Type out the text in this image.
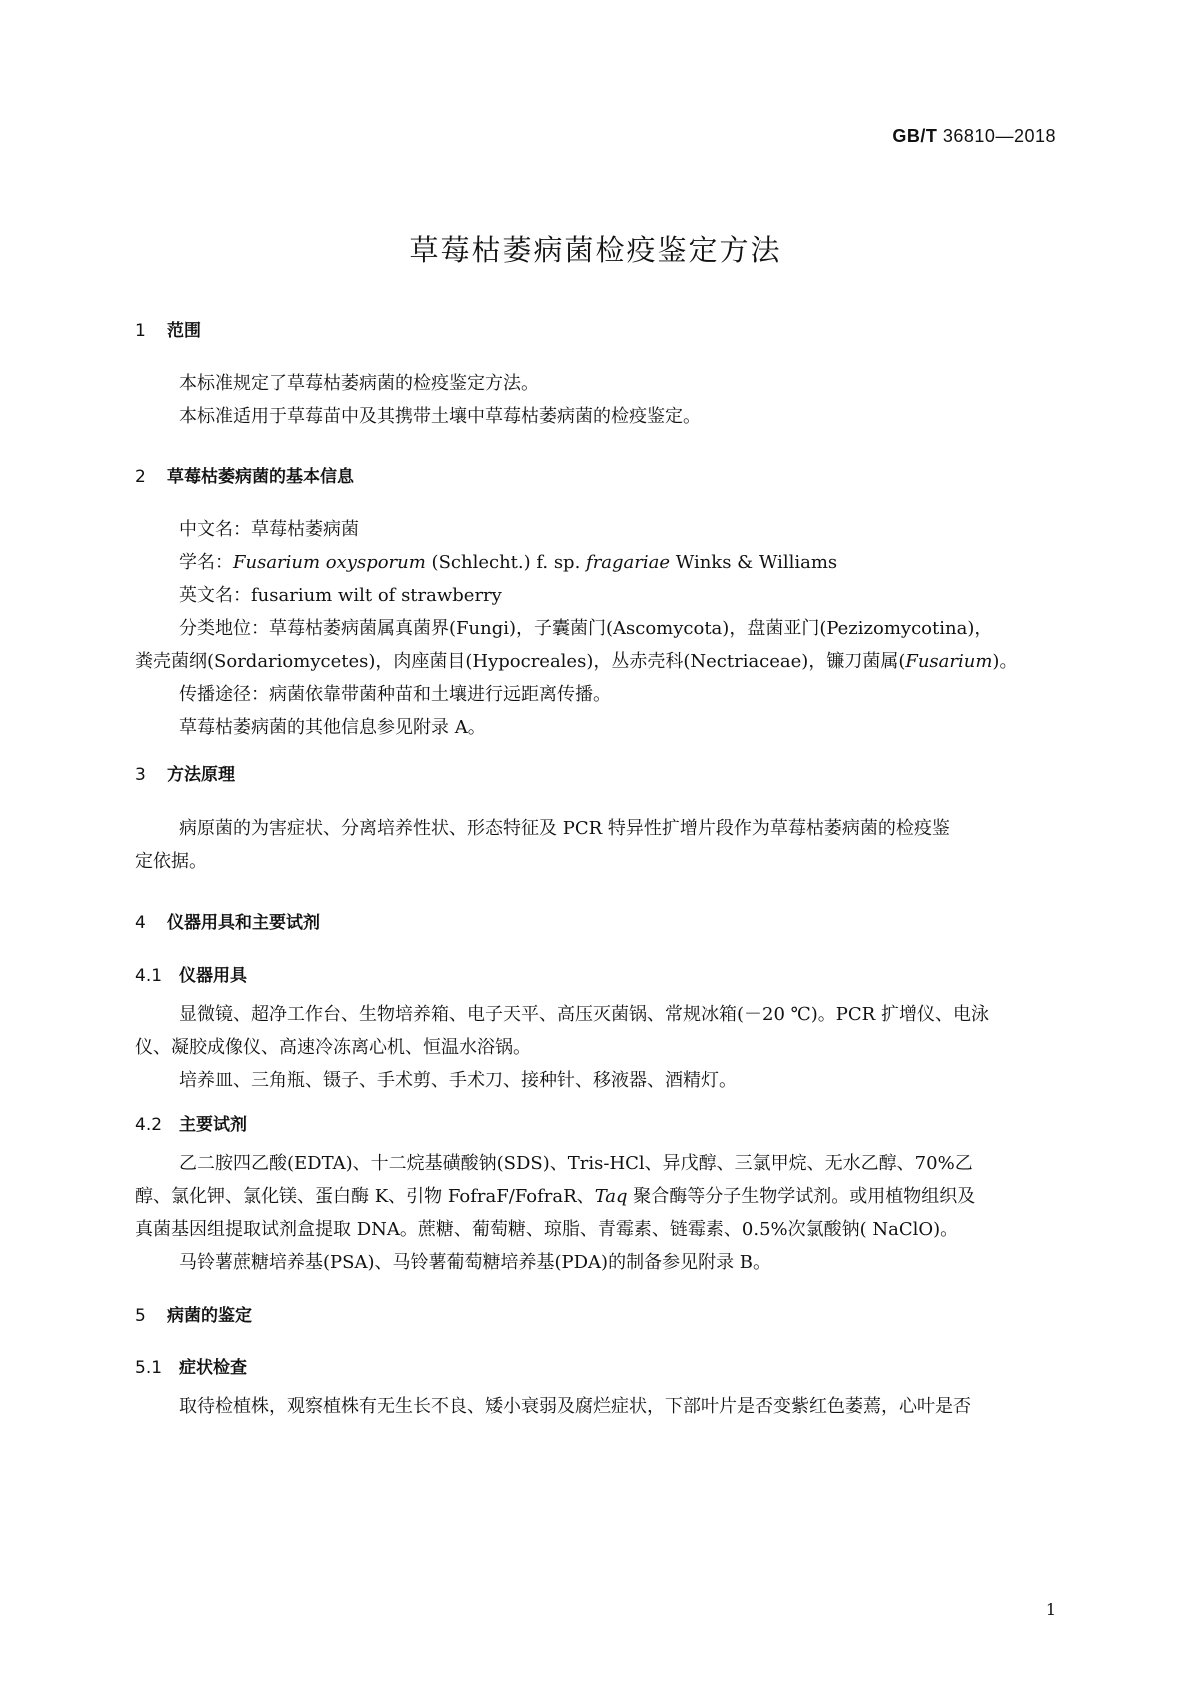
GB/T 36810—2018
草莓枯萎病菌检疫鉴定方法
1 范围
本标准规定了草莓枯萎病菌的检疫鉴定方法。
本标准适用于草莓苗中及其携带土壤中草莓枯萎病菌的检疫鉴定。
2 草莓枯萎病菌的基本信息
中文名：草莓枯萎病菌
学名：Fusarium oxysporum (Schlecht.) f. sp. fragariae Winks & Williams
英文名：fusarium wilt of strawberry
分类地位：草莓枯萎病菌属真菌界(Fungi)，子囊菌门(Ascomycota)，盘菌亚门(Pezizomycotina)，
粪壳菌纲(Sordariomycetes)，肉座菌目(Hypocreales)，丛赤壳科(Nectriaceae)，镰刀菌属(Fusarium)。
传播途径：病菌依靠带菌种苗和土壤进行远距离传播。
草莓枯萎病菌的其他信息参见附录 A。
3 方法原理
病原菌的为害症状、分离培养性状、形态特征及 PCR 特异性扩增片段作为草莓枯萎病菌的检疫鉴
定依据。
4 仪器用具和主要试剂
4.1 仪器用具
显微镜、超净工作台、生物培养箱、电子天平、高压灭菌锅、常规冰箱(－20 ℃)。PCR 扩增仪、电泳
仪、凝胶成像仪、高速冷冻离心机、恒温水浴锅。
培养皿、三角瓶、镊子、手术剪、手术刀、接种针、移液器、酒精灯。
4.2 主要试剂
乙二胺四乙酸(EDTA)、十二烷基磺酸钠(SDS)、Tris-HCl、异戊醇、三氯甲烷、无水乙醇、70%乙
醇、氯化钾、氯化镁、蛋白酶 K、引物 FofraF/FofraR、Taq 聚合酶等分子生物学试剂。或用植物组织及
真菌基因组提取试剂盒提取 DNA。蔗糖、葡萄糖、琼脂、青霉素、链霉素、0.5%次氯酸钠( NaClO)。
马铃薯蔗糖培养基(PSA)、马铃薯葡萄糖培养基(PDA)的制备参见附录 B。
5 病菌的鉴定
5.1 症状检查
取待检植株，观察植株有无生长不良、矮小衰弱及腐烂症状，下部叶片是否变紫红色萎蔫，心叶是否
1
